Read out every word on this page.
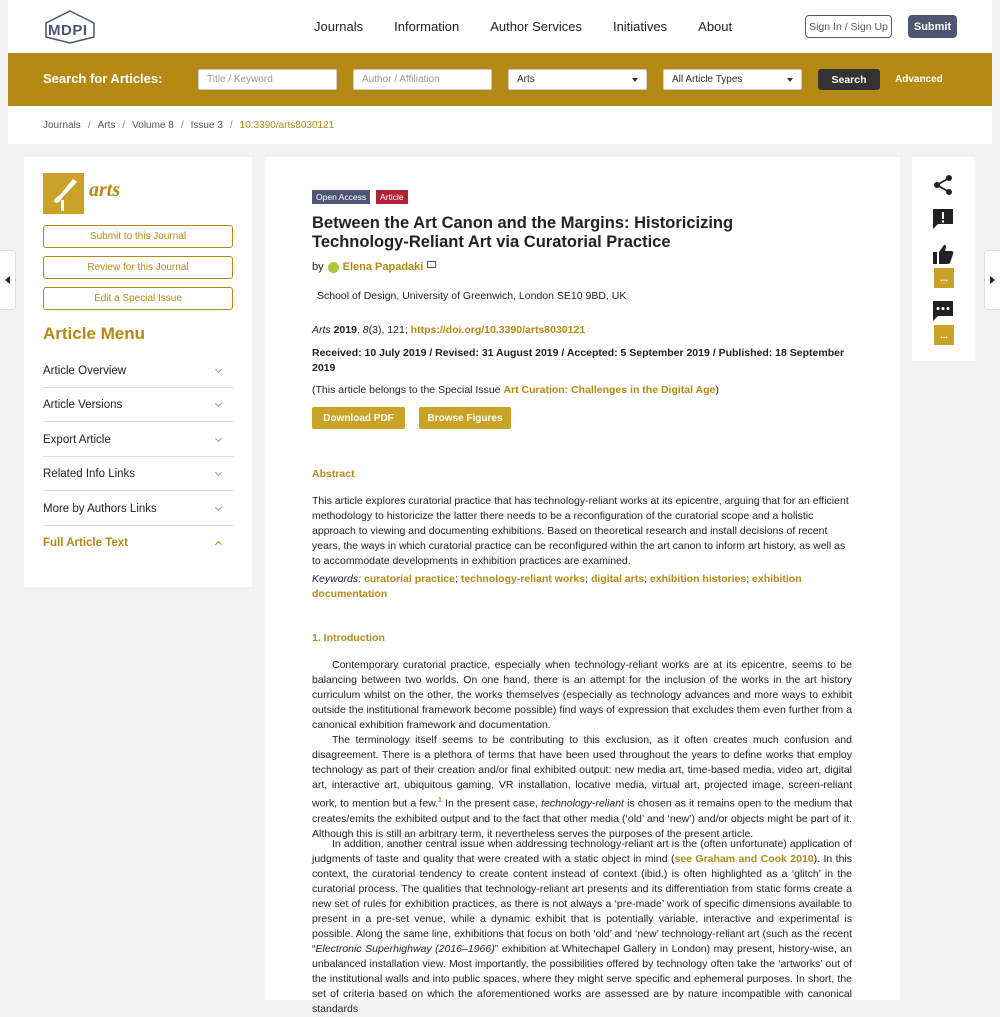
MDPI	Journals Information Author Services Initiatives About	Sign In / Sign Up	Submit
Search for Articles:	Title / Keyword	Author / Affiliation	Arts	All Article Types	Search	Advanced
Journals / Arts / Volume 8 / Issue 3 / 10.3390/arts8030121
arts
Submit to this Journal
Review for this Journal
Edit a Special Issue
Article Menu
Article Overview
Article Versions
Export Article
Related Info Links
More by Authors Links
Full Article Text
Open Access	Article
Between the Art Canon and the Margins: Historicizing Technology-Reliant Art via Curatorial Practice
by Elena Papadaki
School of Design, University of Greenwich, London SE10 9BD, UK
Arts 2019, 8(3), 121; https://doi.org/10.3390/arts8030121
Received: 10 July 2019 / Revised: 31 August 2019 / Accepted: 5 September 2019 / Published: 18 September 2019
(This article belongs to the Special Issue Art Curation: Challenges in the Digital Age)
Download PDF	Browse Figures
Abstract
This article explores curatorial practice that has technology-reliant works at its epicentre, arguing that for an efficient methodology to historicize the latter there needs to be a reconfiguration of the curatorial scope and a holistic approach to viewing and documenting exhibitions. Based on theoretical research and install decisions of recent years, the ways in which curatorial practice can be reconfigured within the art canon to inform art history, as well as to accommodate developments in exhibition practices are examined.
Keywords: curatorial practice; technology-reliant works; digital arts; exhibition histories; exhibition documentation
1. Introduction
Contemporary curatorial practice, especially when technology-reliant works are at its epicentre, seems to be balancing between two worlds. On one hand, there is an attempt for the inclusion of the works in the art history curriculum whilst on the other, the works themselves (especially as technology advances and more ways to exhibit outside the institutional framework become possible) find ways of expression that excludes them even further from a canonical exhibition framework and documentation.
The terminology itself seems to be contributing to this exclusion, as it often creates much confusion and disagreement. There is a plethora of terms that have been used throughout the years to define works that employ technology as part of their creation and/or final exhibited output: new media art, time-based media, video art, digital art, interactive art, ubiquitous gaming, VR installation, locative media, virtual art, projected image, screen-reliant work, to mention but a few.$^1$ In the present case, technology-reliant is chosen as it remains open to the medium that creates/emits the exhibited output and to the fact that other media (‘old’ and ‘new’) and/or objects might be part of it. Although this is still an arbitrary term, it nevertheless serves the purposes of the present article.
In addition, another central issue when addressing technology-reliant art is the (often unfortunate) application of judgments of taste and quality that were created with a static object in mind (see Graham and Cook 2010). In this context, the curatorial tendency to create content instead of context (ibid.) is often highlighted as a ‘glitch’ in the curatorial process. The qualities that technology-reliant art presents and its differentiation from static forms create a new set of rules for exhibition practices, as there is not always a ‘pre-made’ work of specific dimensions available to present in a pre-set venue, while a dynamic exhibit that is potentially variable, interactive and experimental is possible. Along the same line, exhibitions that focus on both ‘old’ and ‘new’ technology-reliant art (such as the recent “Electronic Superhighway (2016–1966)” exhibition at Whitechapel Gallery in London) may present, history-wise, an unbalanced installation view. Most importantly, the possibilities offered by technology often take the ‘artworks’ out of the institutional walls and into public spaces, where they might serve specific and ephemeral purposes. In short, the set of criteria based on which the aforementioned works are assessed are by nature incompatible with canonical standards
...
...
